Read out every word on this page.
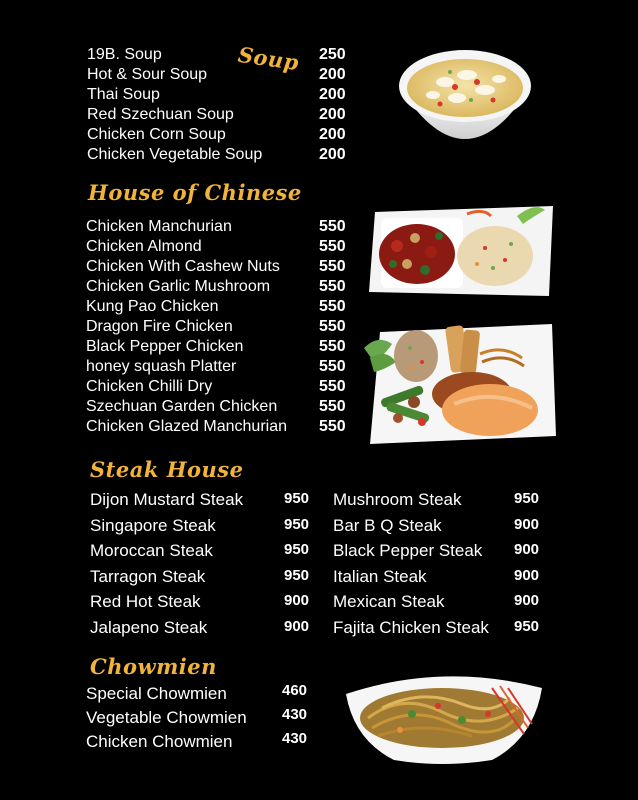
Soup
House of Chinese
Steak House
Chowmien
19B. Soup	250
Hot & Sour Soup	200
Thai Soup	200
Red Szechuan Soup	200
Chicken Corn Soup	200
Chicken Vegetable Soup	200
Chicken Manchurian	550
Chicken Almond	550
Chicken With Cashew Nuts 550
Chicken Garlic Mushroom	550
Kung Pao Chicken	550
Dragon Fire Chicken	550
Black Pepper Chicken	550
honey squash Platter	550
Chicken Chilli Dry	550
Szechuan Garden Chicken	550
Chicken Glazed Manchurian 550
Dijon Mustard Steak	950
Singapore Steak	950
Moroccan Steak	950
Tarragon Steak	950
Red Hot Steak	900
Jalapeno Steak	900
Mushroom Steak	950
Bar B Q Steak	900
Black Pepper Steak 900
Italian Steak	900
Mexican Steak	900
Fajita Chicken Steak 950
Special Chowmien	460
Vegetable Chowmien 430
Chicken Chowmien	430
